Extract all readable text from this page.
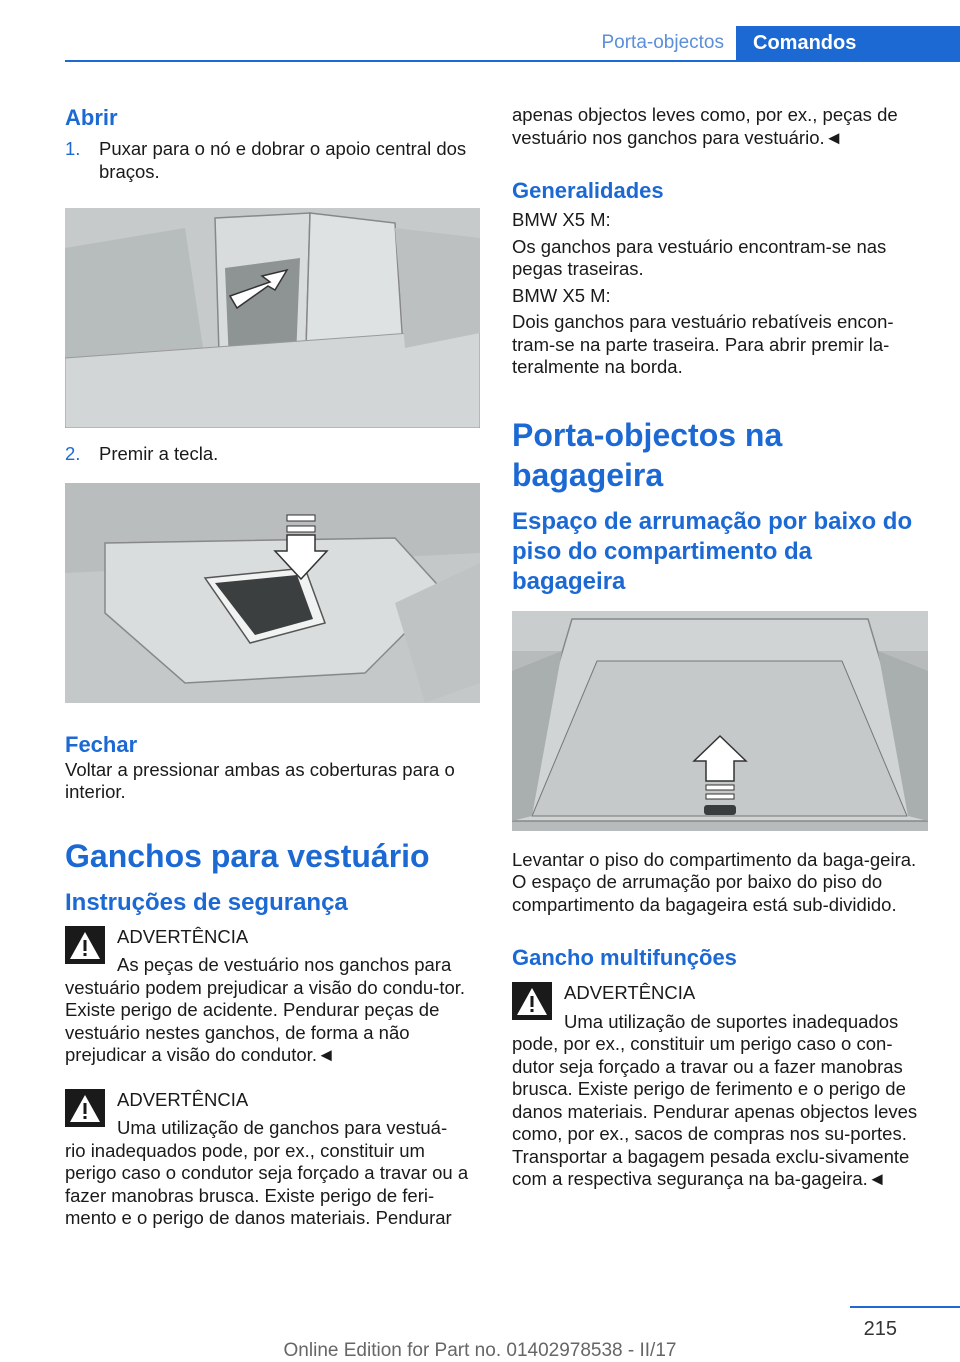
Porta-objectos	Comandos

Abrir

1.	Puxar para o nó e dobrar o apoio central dos braços.
2.	Premir a tecla.

Fechar

Voltar a pressionar ambas as coberturas para o interior.

Ganchos para vestuário

Instruções de segurança

ADVERTÊNCIA

As peças de vestuário nos ganchos para

vestuário podem prejudicar a visão do condu-tor. Existe perigo de acidente. Pendurar peças de vestuário nestes ganchos, de forma a não prejudicar a visão do condutor.◄

ADVERTÊNCIA

Uma utilização de ganchos para vestuá-

rio inadequados pode, por ex., constituir um perigo caso o condutor seja forçado a travar ou a fazer manobras brusca. Existe perigo de feri-mento e o perigo de danos materiais. Pendurar

apenas objectos leves como, por ex., peças de vestuário nos ganchos para vestuário.◄

Generalidades

BMW X5 M:

Os ganchos para vestuário encontram-se nas pegas traseiras.

BMW X5 M:

Dois ganchos para vestuário rebatíveis encon-tram-se na parte traseira. Para abrir premir la-teralmente na borda.

Porta-objectos na bagageira

Espaço de arrumação por baixo do piso do compartimento da bagageira

Levantar o piso do compartimento da baga-geira. O espaço de arrumação por baixo do piso do compartimento da bagageira está sub-dividido.

Gancho multifunções

ADVERTÊNCIA

Uma utilização de suportes inadequados

pode, por ex., constituir um perigo caso o con-dutor seja forçado a travar ou a fazer manobras brusca. Existe perigo de ferimento e o perigo de danos materiais. Pendurar apenas objectos leves como, por ex., sacos de compras nos su-portes. Transportar a bagagem pesada exclu-sivamente com a respectiva segurança na ba-gageira.◄

215
Online Edition for Part no. 01402978538 - II/17
